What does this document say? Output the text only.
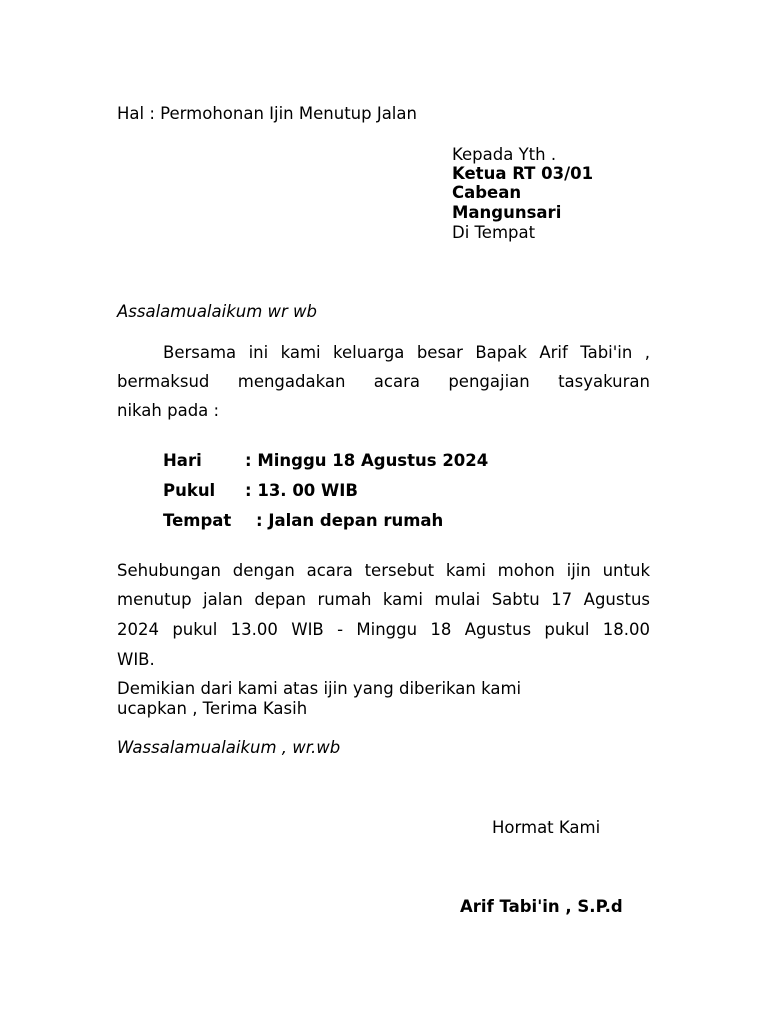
Hal : Permohonan Ijin Menutup Jalan
Kepada Yth .
Ketua RT 03/01
Cabean
Mangunsari
Di Tempat
Assalamualaikum wr wb
Bersama ini kami keluarga besar Bapak Arif Tabi'in ,
bermaksud mengadakan acara pengajian tasyakuran
nikah pada :
Hari	: Minggu 18 Agustus 2024
Pukul : 13. 00 WIB
Tempat : Jalan depan rumah
Sehubungan dengan acara tersebut kami mohon ijin untuk
menutup jalan depan rumah kami mulai Sabtu 17 Agustus
2024 pukul 13.00 WIB - Minggu 18 Agustus pukul 18.00
WIB.
Demikian dari kami atas ijin yang diberikan kami
ucapkan , Terima Kasih
Wassalamualaikum , wr.wb
Hormat Kami
Arif Tabi'in , S.P.d
